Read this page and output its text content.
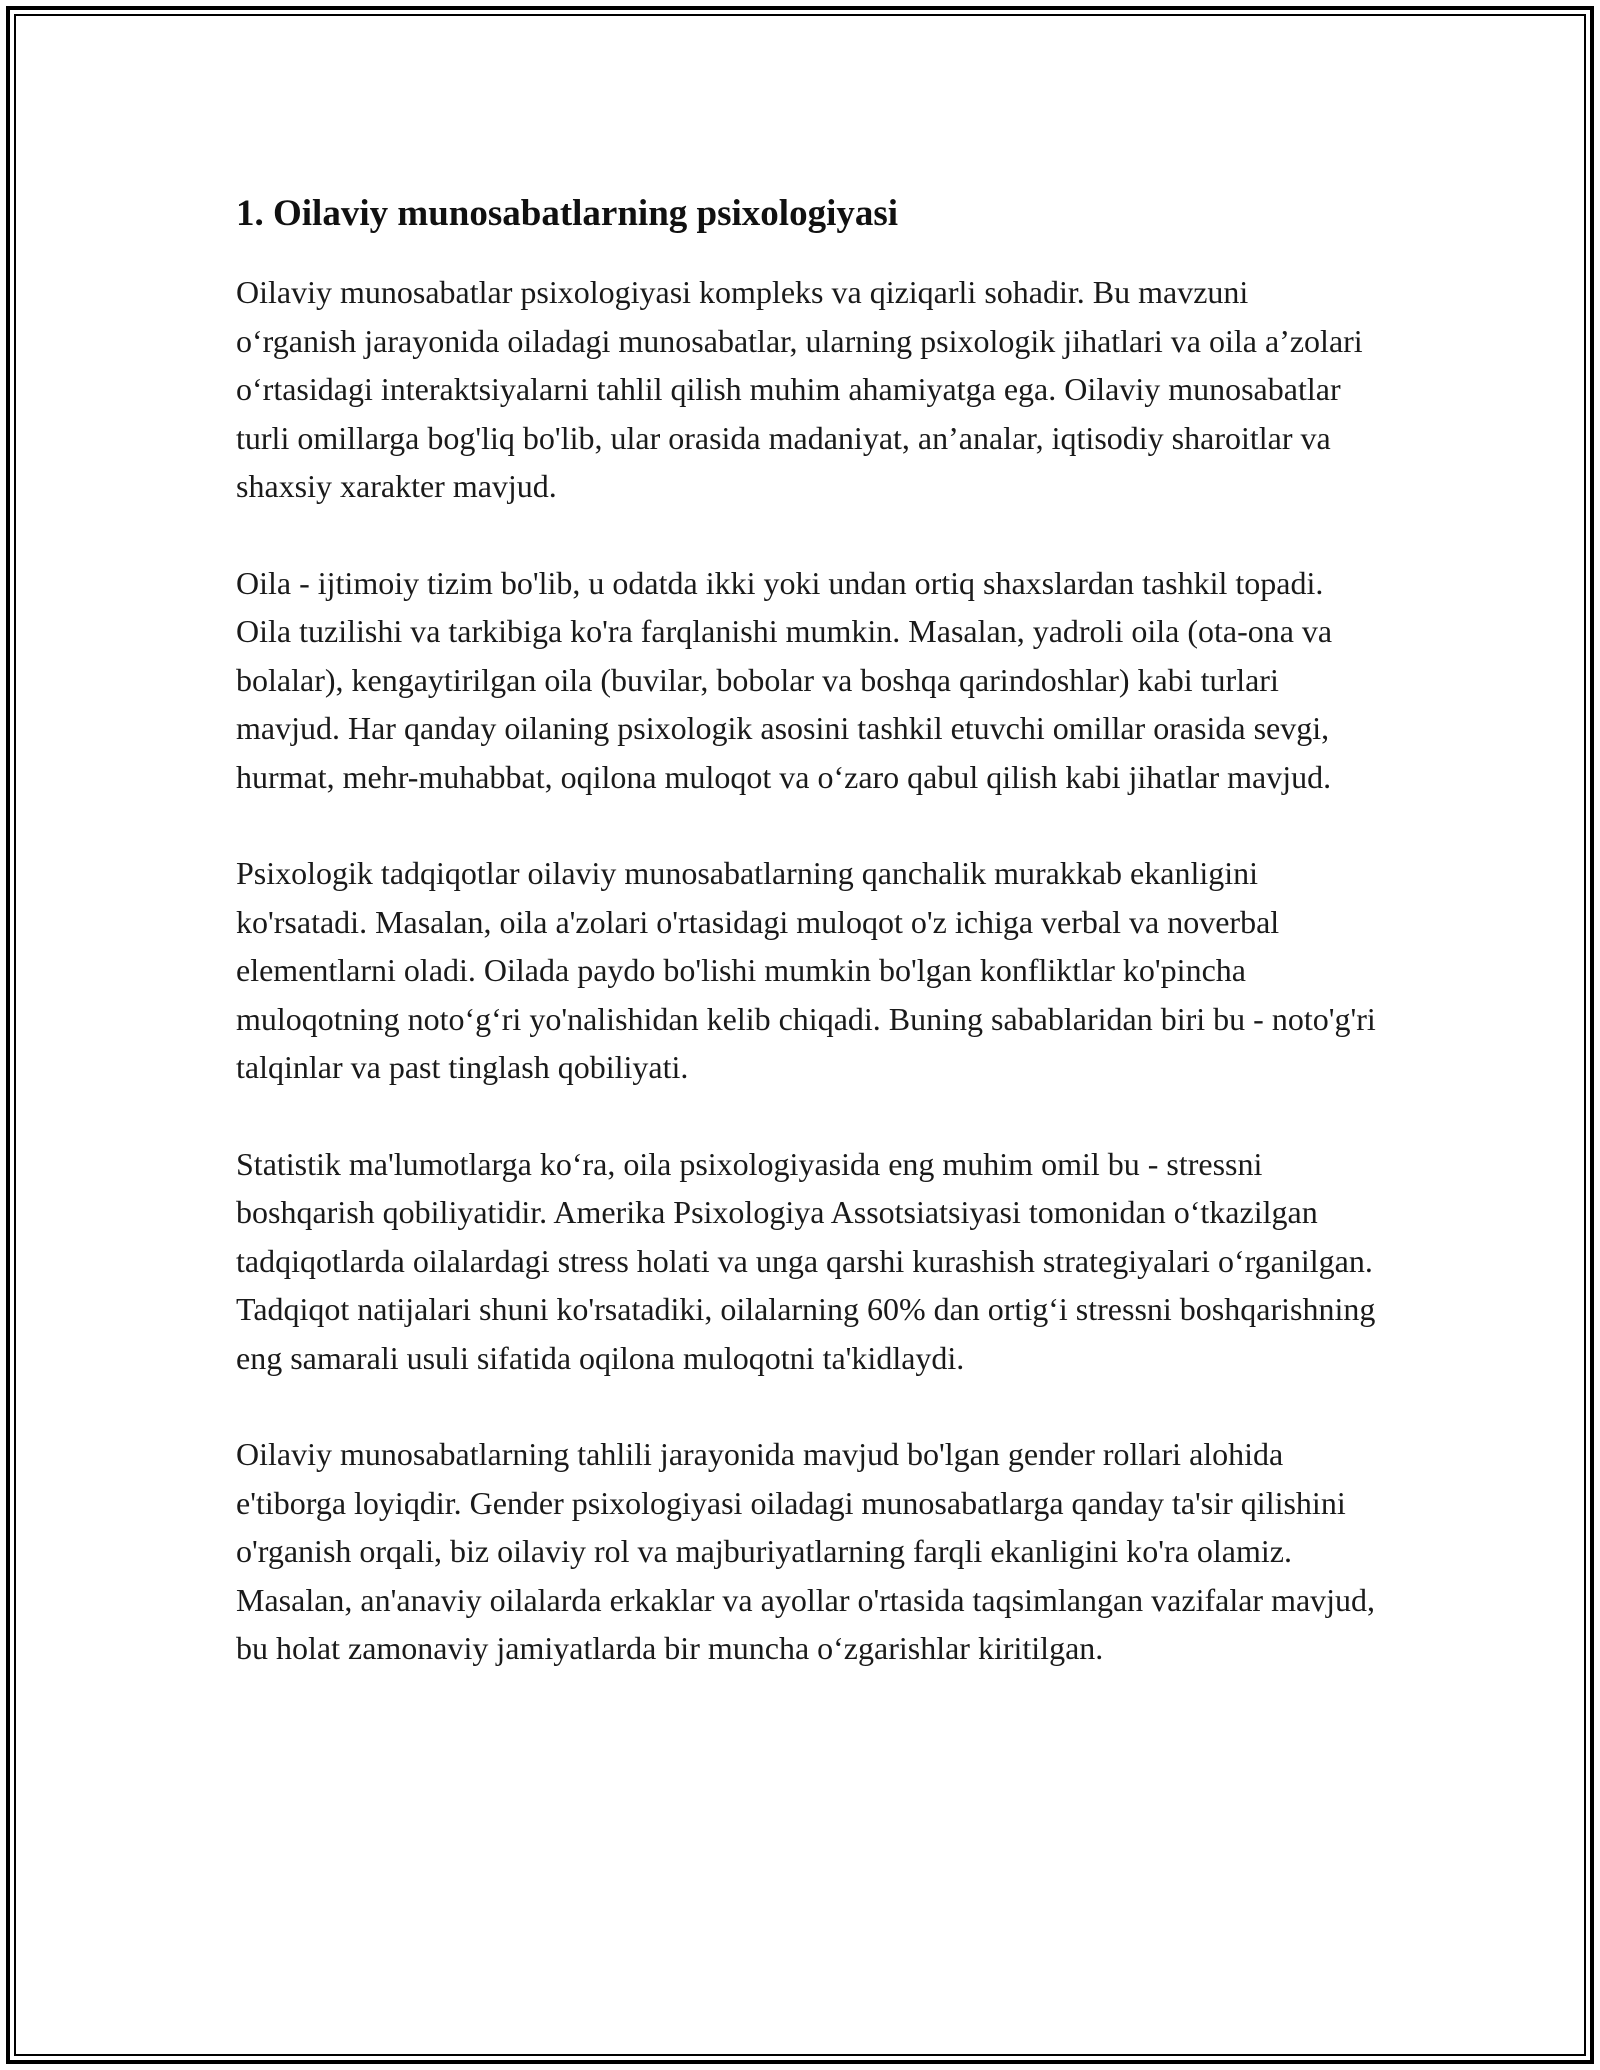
1. Oilaviy munosabatlarning psixologiyasi

Oilaviy munosabatlar psixologiyasi kompleks va qiziqarli sohadir. Bu mavzuni o‘rganish jarayonida oiladagi munosabatlar, ularning psixologik jihatlari va oila a’zolari o‘rtasidagi interaktsiyalarni tahlil qilish muhim ahamiyatga ega. Oilaviy munosabatlar turli omillarga bog'liq bo'lib, ular orasida madaniyat, an’analar, iqtisodiy sharoitlar va shaxsiy xarakter mavjud.

Oila - ijtimoiy tizim bo'lib, u odatda ikki yoki undan ortiq shaxslardan tashkil topadi. Oila tuzilishi va tarkibiga ko'ra farqlanishi mumkin. Masalan, yadroli oila (ota-ona va bolalar), kengaytirilgan oila (buvilar, bobolar va boshqa qarindoshlar) kabi turlari mavjud. Har qanday oilaning psixologik asosini tashkil etuvchi omillar orasida sevgi, hurmat, mehr-muhabbat, oqilona muloqot va o‘zaro qabul qilish kabi jihatlar mavjud.

Psixologik tadqiqotlar oilaviy munosabatlarning qanchalik murakkab ekanligini ko'rsatadi. Masalan, oila a'zolari o'rtasidagi muloqot o'z ichiga verbal va noverbal elementlarni oladi. Oilada paydo bo'lishi mumkin bo'lgan konfliktlar ko'pincha muloqotning noto‘g‘ri yo'nalishidan kelib chiqadi. Buning sabablaridan biri bu - noto'g'ri talqinlar va past tinglash qobiliyati.

Statistik ma'lumotlarga ko‘ra, oila psixologiyasida eng muhim omil bu - stressni boshqarish qobiliyatidir. Amerika Psixologiya Assotsiatsiyasi tomonidan o‘tkazilgan tadqiqotlarda oilalardagi stress holati va unga qarshi kurashish strategiyalari o‘rganilgan. Tadqiqot natijalari shuni ko'rsatadiki, oilalarning 60% dan ortig‘i stressni boshqarishning eng samarali usuli sifatida oqilona muloqotni ta'kidlaydi.

Oilaviy munosabatlarning tahlili jarayonida mavjud bo'lgan gender rollari alohida e'tiborga loyiqdir. Gender psixologiyasi oiladagi munosabatlarga qanday ta'sir qilishini o'rganish orqali, biz oilaviy rol va majburiyatlarning farqli ekanligini ko'ra olamiz. Masalan, an'anaviy oilalarda erkaklar va ayollar o'rtasida taqsimlangan vazifalar mavjud, bu holat zamonaviy jamiyatlarda bir muncha o‘zgarishlar kiritilgan.
